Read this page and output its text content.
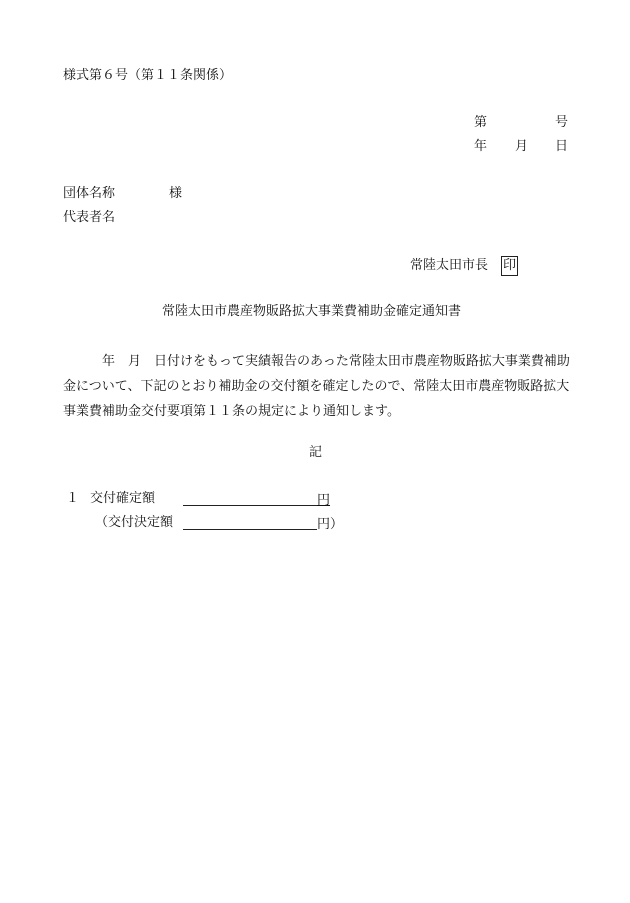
様式第６号（第１１条関係）
第	号
年 月 日
団体名称	様
代表者名
常陸太田市長 印
常陸太田市農産物販路拡大事業費補助金確定通知書
年 月 日付けをもって実績報告のあった常陸太田市農産物販路拡大事業費補助金について、下記のとおり補助金の交付額を確定したので、常陸太田市農産物販路拡大事業費補助金交付要項第１１条の規定により通知します。
記
１ 交付確定額	円
（交付決定額	円）
